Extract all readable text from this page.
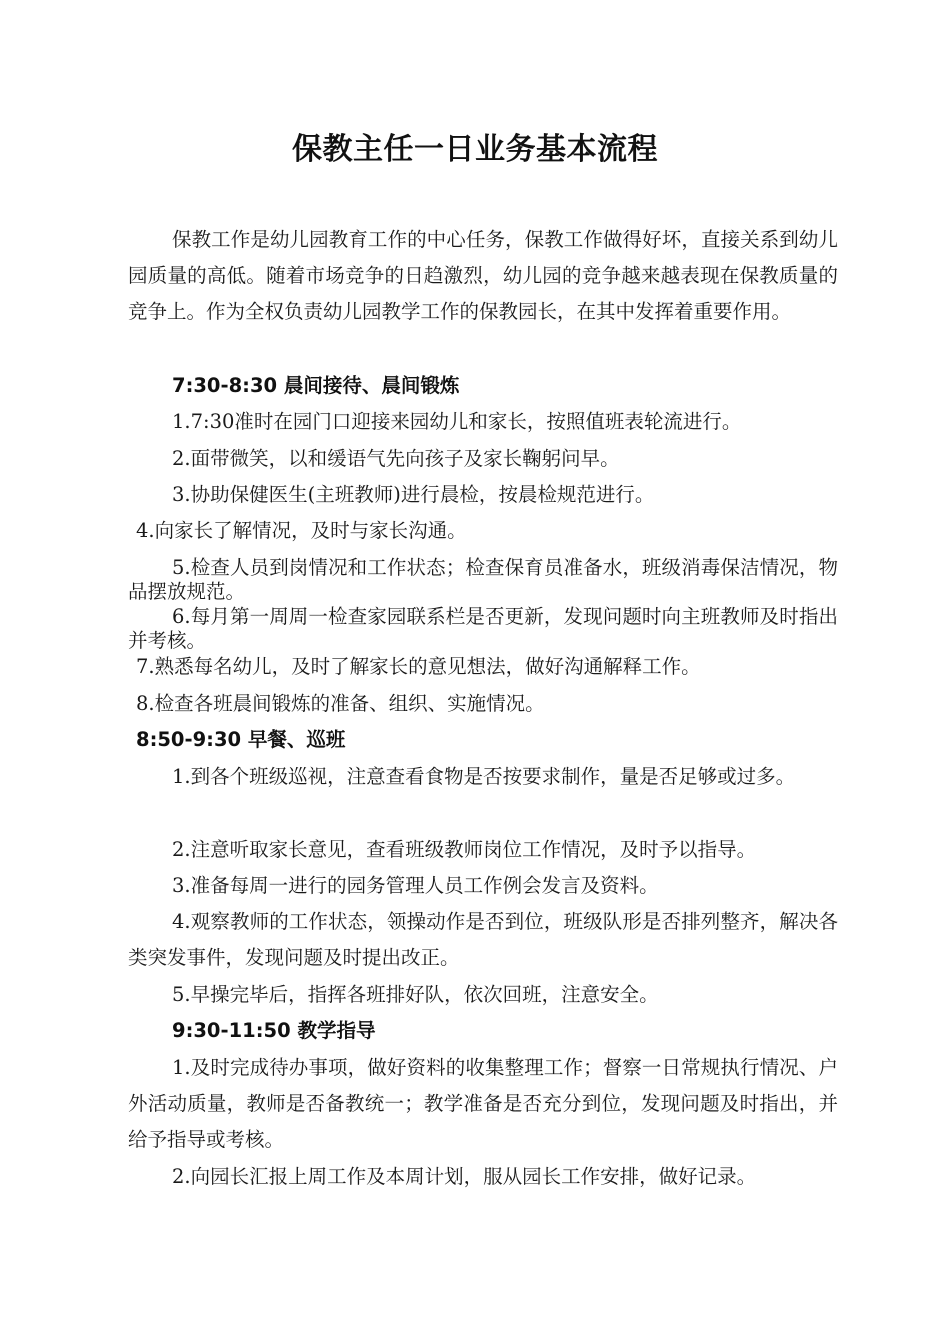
保教主任一日业务基本流程

保教工作是幼儿园教育工作的中心任务，保教工作做得好坏，直接关系到幼儿园质量的高低。随着市场竞争的日趋激烈，幼儿园的竞争越来越表现在保教质量的竞争上。作为全权负责幼儿园教学工作的保教园长，在其中发挥着重要作用。

7:30-8:30 晨间接待、晨间锻炼

1.7:30准时在园门口迎接来园幼儿和家长，按照值班表轮流进行。

2.面带微笑，以和缓语气先向孩子及家长鞠躬问早。

3.协助保健医生(主班教师)进行晨检，按晨检规范进行。

4.向家长了解情况，及时与家长沟通。

5.检查人员到岗情况和工作状态；检查保育员准备水，班级消毒保洁情况，物品摆放规范。

6.每月第一周周一检查家园联系栏是否更新，发现问题时向主班教师及时指出并考核。

7.熟悉每名幼儿，及时了解家长的意见想法，做好沟通解释工作。

8.检查各班晨间锻炼的准备、组织、实施情况。

8:50-9:30 早餐、巡班

1.到各个班级巡视，注意查看食物是否按要求制作，量是否足够或过多。

2.注意听取家长意见，查看班级教师岗位工作情况，及时予以指导。

3.准备每周一进行的园务管理人员工作例会发言及资料。

4.观察教师的工作状态，领操动作是否到位，班级队形是否排列整齐，解决各类突发事件，发现问题及时提出改正。

5.早操完毕后，指挥各班排好队，依次回班，注意安全。

9:30-11:50 教学指导

1.及时完成待办事项，做好资料的收集整理工作；督察一日常规执行情况、户外活动质量，教师是否备教统一；教学准备是否充分到位，发现问题及时指出，并给予指导或考核。

2.向园长汇报上周工作及本周计划，服从园长工作安排，做好记录。
